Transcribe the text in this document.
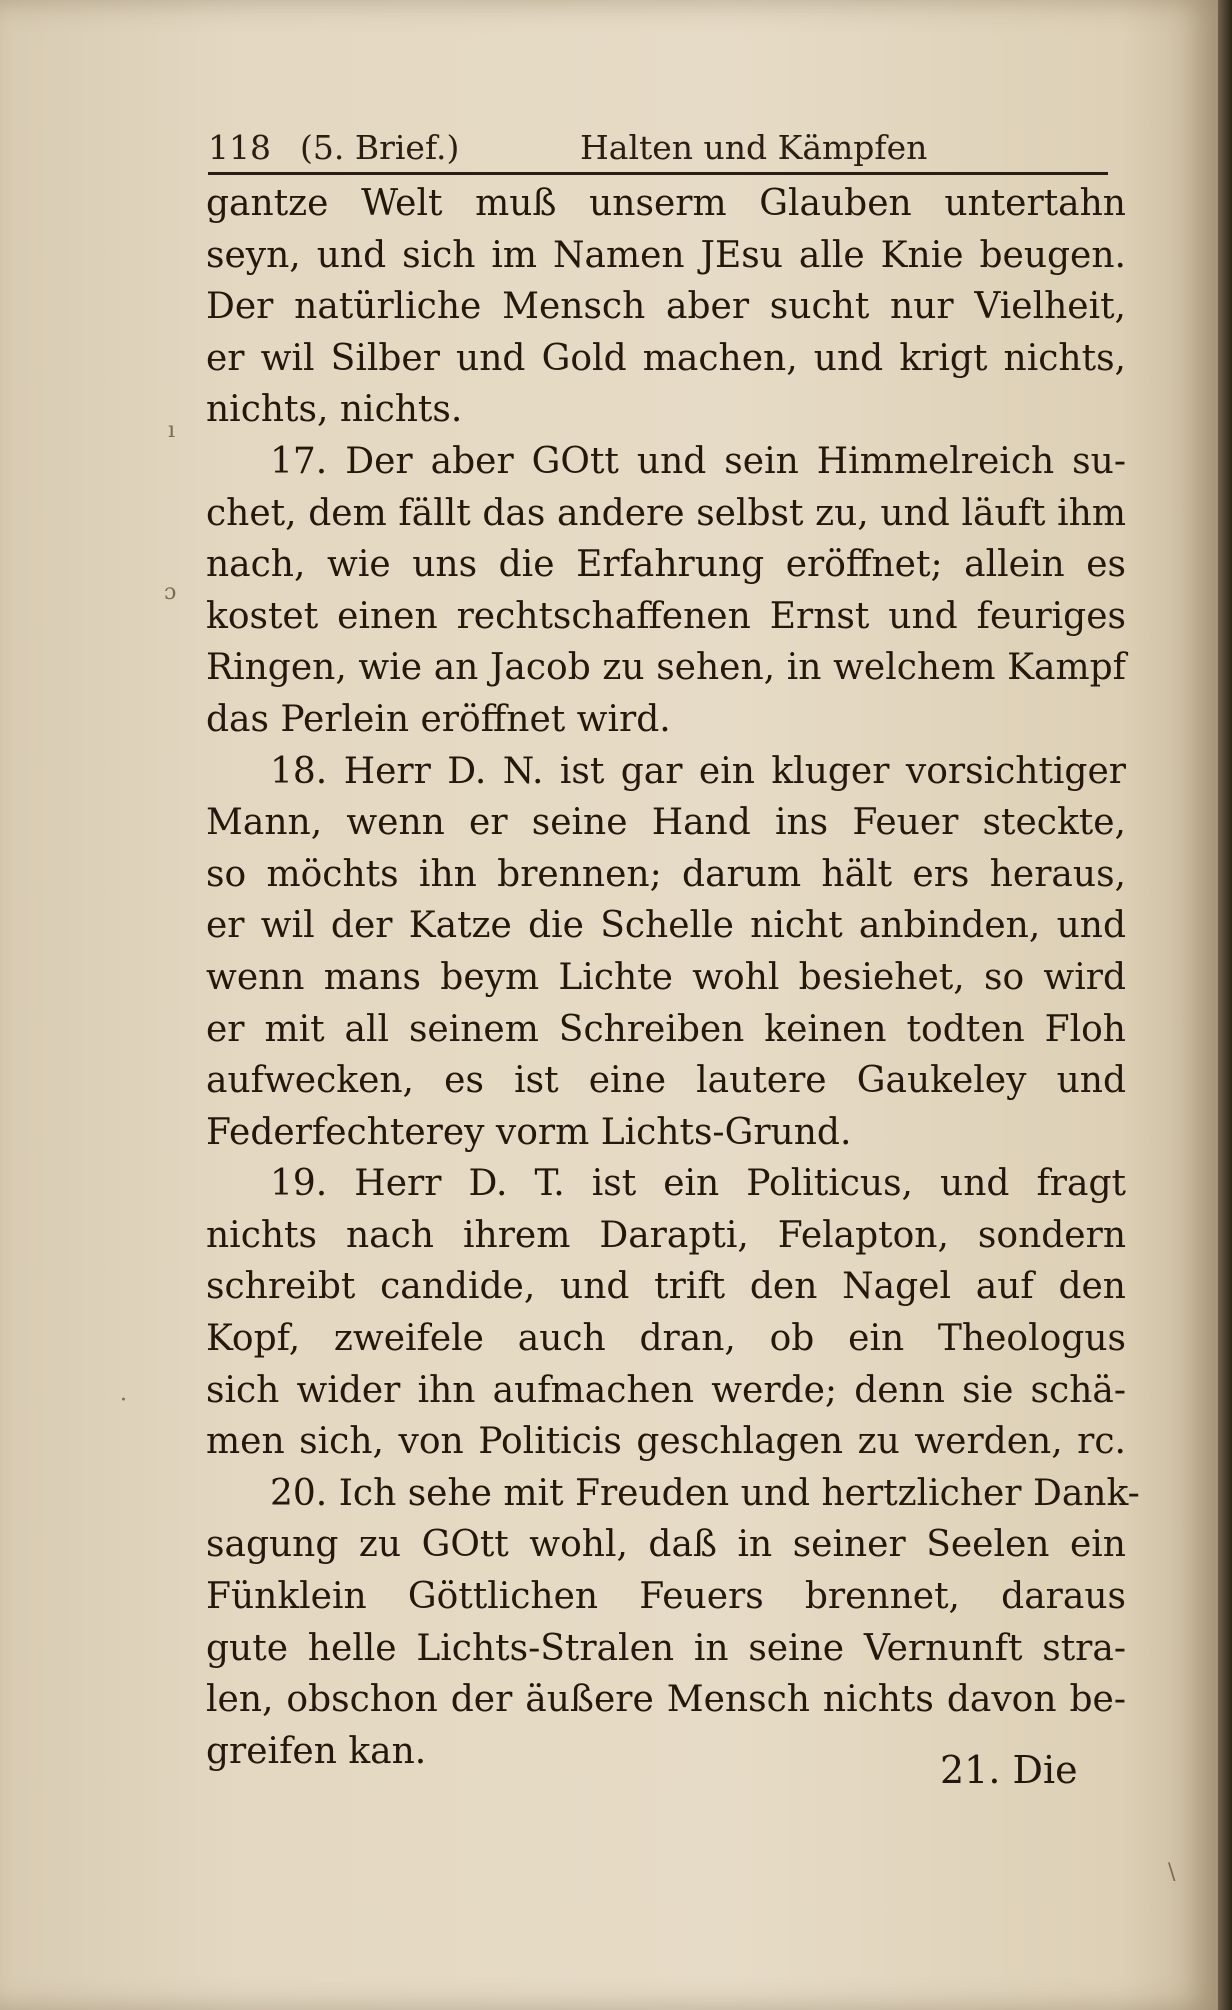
118 (5. Brief.)	Halten und Kämpfen
gantze Welt muß unserm Glauben untertahn
seyn, und sich im Namen JEsu alle Knie beugen.
Der natürliche Mensch aber sucht nur Vielheit,
er wil Silber und Gold machen, und krigt nichts,
nichts, nichts.
17. Der aber GOtt und sein Himmelreich su-
chet, dem fällt das andere selbst zu, und läuft ihm
nach, wie uns die Erfahrung eröffnet; allein es
kostet einen rechtschaffenen Ernst und feuriges
Ringen, wie an Jacob zu sehen, in welchem Kampf
das Perlein eröffnet wird.
18. Herr D. N. ist gar ein kluger vorsichtiger
Mann, wenn er seine Hand ins Feuer steckte,
so möchts ihn brennen; darum hält ers heraus,
er wil der Katze die Schelle nicht anbinden, und
wenn mans beym Lichte wohl besiehet, so wird
er mit all seinem Schreiben keinen todten Floh
aufwecken, es ist eine lautere Gaukeley und
Federfechterey vorm Lichts-Grund.
19. Herr D. T. ist ein Politicus, und fragt
nichts nach ihrem Darapti, Felapton, sondern
schreibt candide, und trift den Nagel auf den
Kopf, zweifele auch dran, ob ein Theologus
sich wider ihn aufmachen werde; denn sie schä-
men sich, von Politicis geschlagen zu werden, rc.
20. Ich sehe mit Freuden und hertzlicher Dank-
sagung zu GOtt wohl, daß in seiner Seelen ein
Fünklein Göttlichen Feuers brennet, daraus
gute helle Lichts-Stralen in seine Vernunft stra-
len, obschon der äußere Mensch nichts davon be-
greifen kan.	21. Die
ı
ɔ
·
\
